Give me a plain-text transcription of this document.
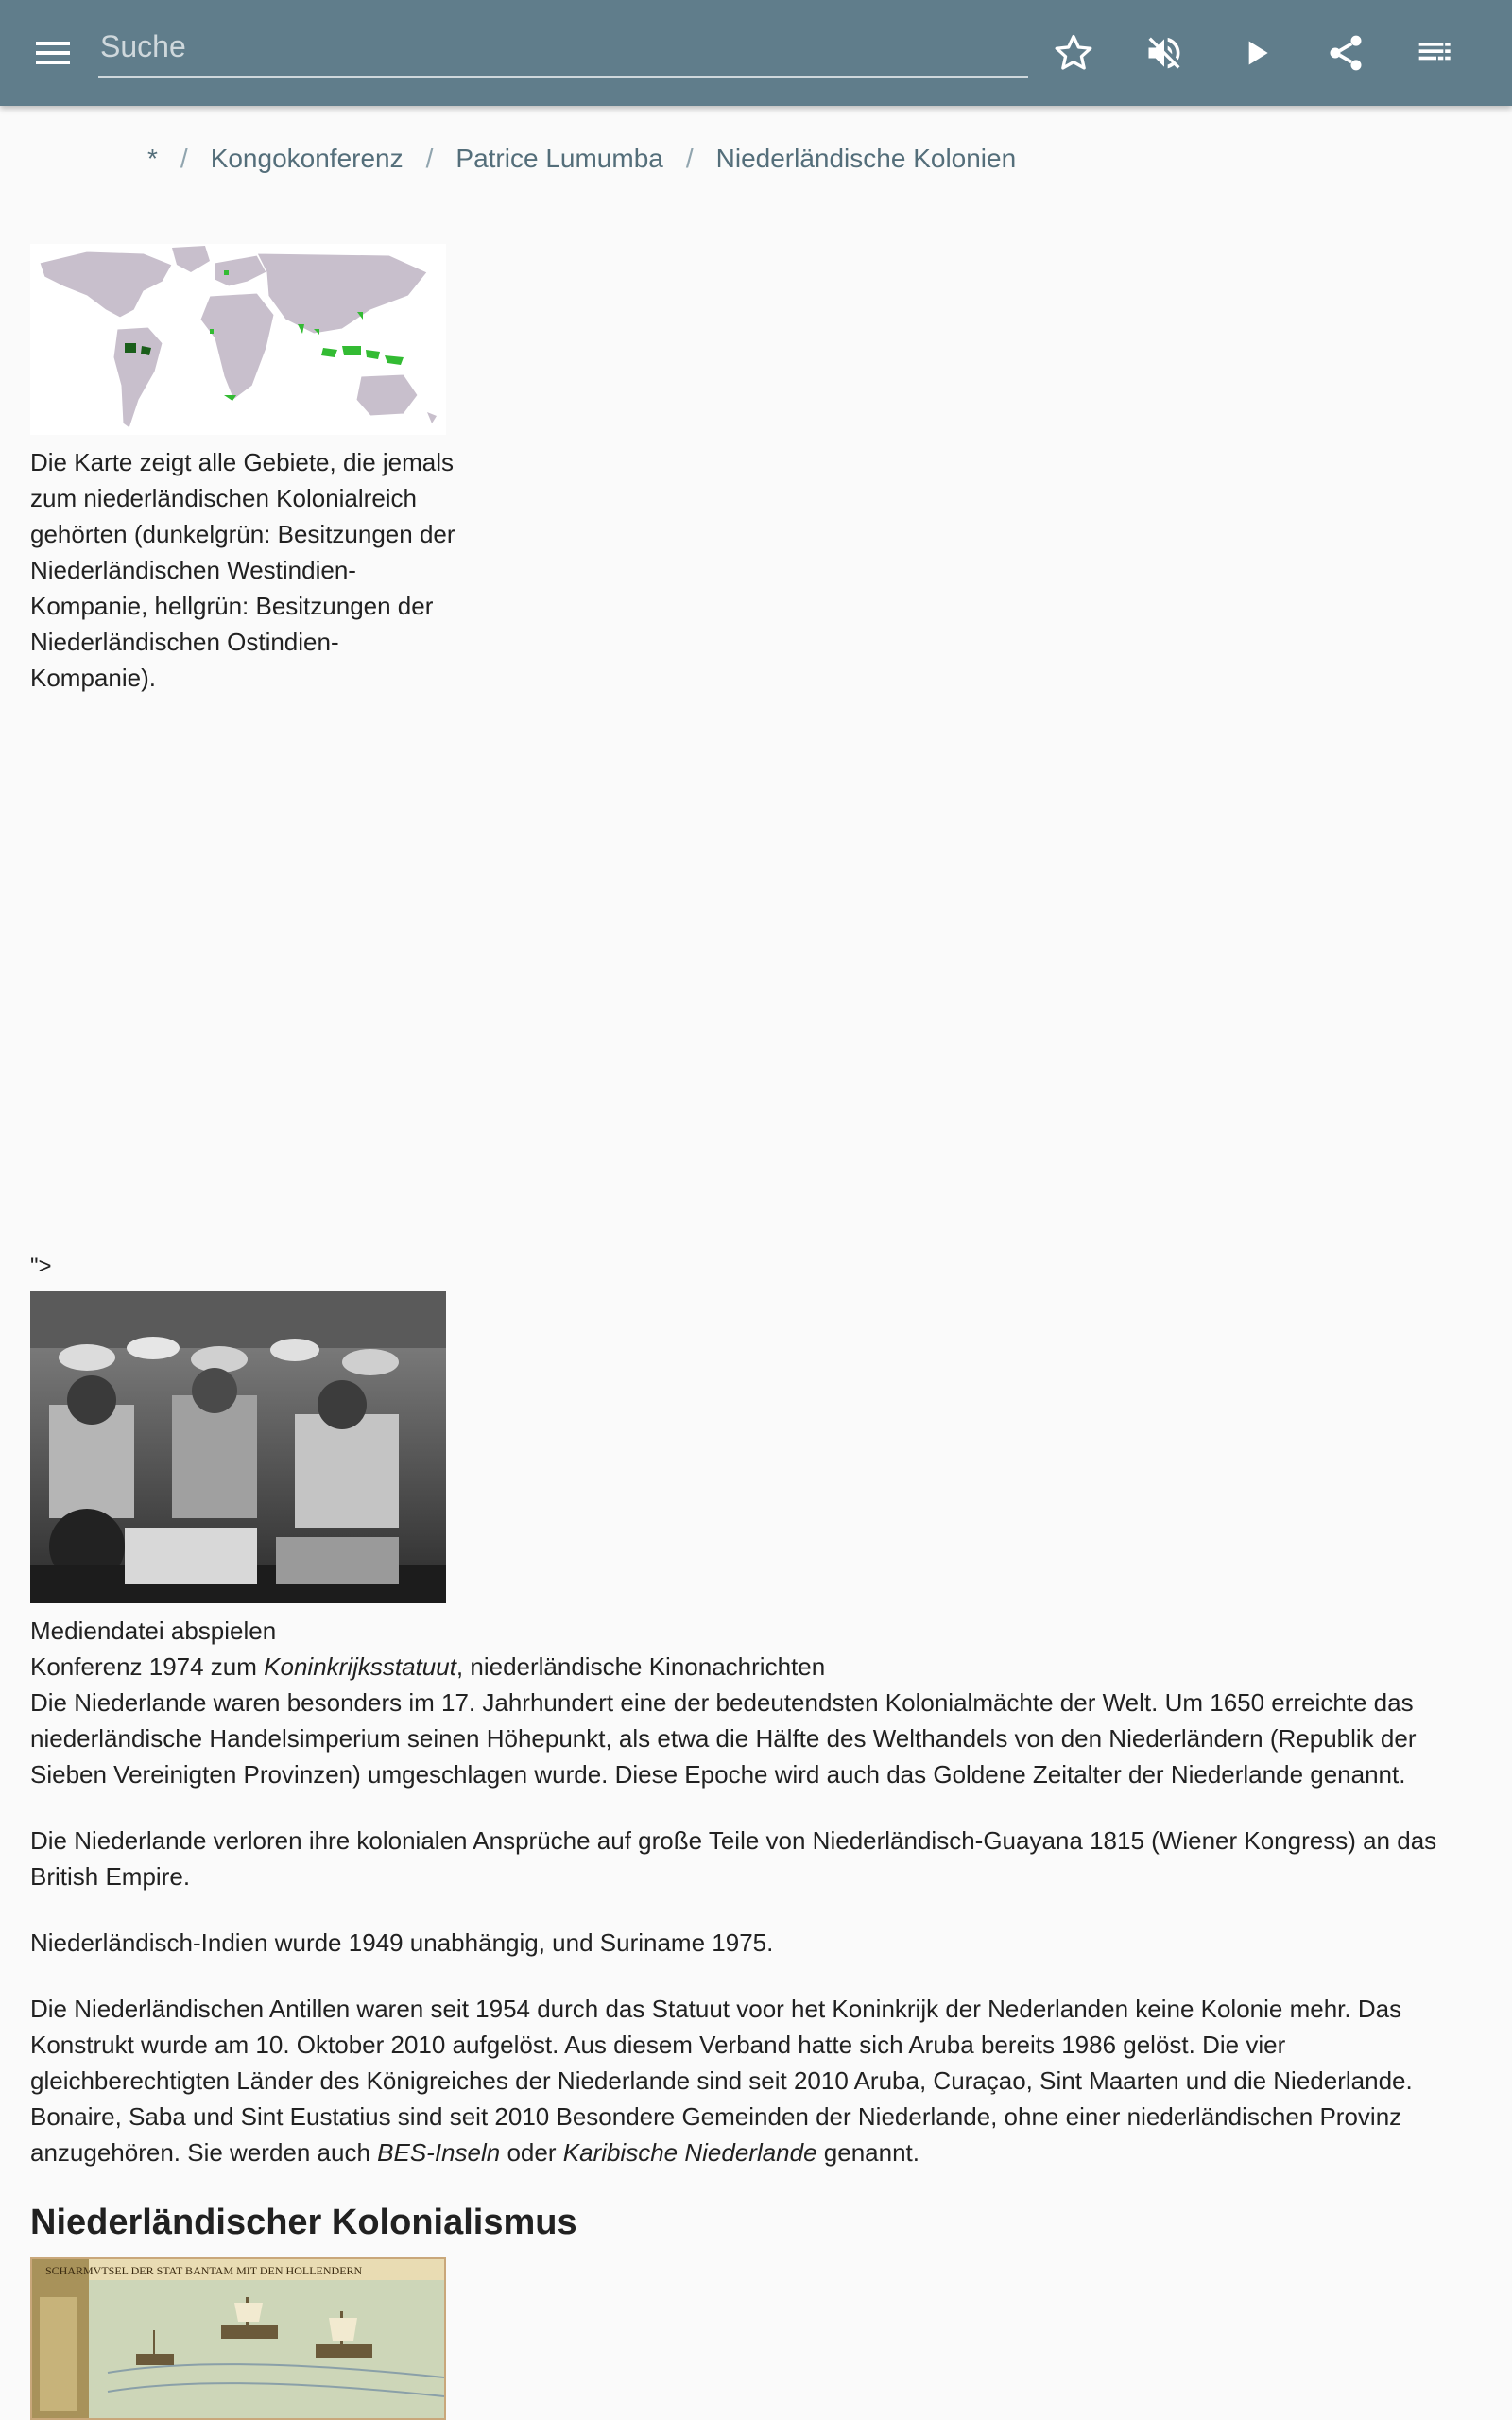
Suche
* / Kongokonferenz / Patrice Lumumba / Niederländische Kolonien
Die Karte zeigt alle Gebiete, die jemals zum niederländischen Kolonialreich gehörten (dunkelgrün: Besitzungen der Niederländischen Westindien-Kompanie, hellgrün: Besitzungen der Niederländischen Ostindien-Kompanie).
">

Mediendatei abspielen

Konferenz 1974 zum Koninkrijksstatuut, niederländische Kinonachrichten

Die Niederlande waren besonders im 17. Jahrhundert eine der bedeutendsten Kolonialmächte der Welt. Um 1650 erreichte das niederländische Handelsimperium seinen Höhepunkt, als etwa die Hälfte des Welthandels von den Niederländern (Republik der Sieben Vereinigten Provinzen) umgeschlagen wurde. Diese Epoche wird auch das Goldene Zeitalter der Niederlande genannt.

Die Niederlande verloren ihre kolonialen Ansprüche auf große Teile von Niederländisch-Guayana 1815 (Wiener Kongress) an das British Empire.

Niederländisch-Indien wurde 1949 unabhängig, und Suriname 1975.

Die Niederländischen Antillen waren seit 1954 durch das Statuut voor het Koninkrijk der Nederlanden keine Kolonie mehr. Das Konstrukt wurde am 10. Oktober 2010 aufgelöst. Aus diesem Verband hatte sich Aruba bereits 1986 gelöst. Die vier gleichberechtigten Länder des Königreiches der Niederlande sind seit 2010 Aruba, Curaçao, Sint Maarten und die Niederlande. Bonaire, Saba und Sint Eustatius sind seit 2010 Besondere Gemeinden der Niederlande, ohne einer niederländischen Provinz anzugehören. Sie werden auch BES-Inseln oder Karibische Niederlande genannt.

Niederländischer Kolonialismus
SCHARMVTSEL DER STAT BANTAM MIT DEN HOLLENDERN
